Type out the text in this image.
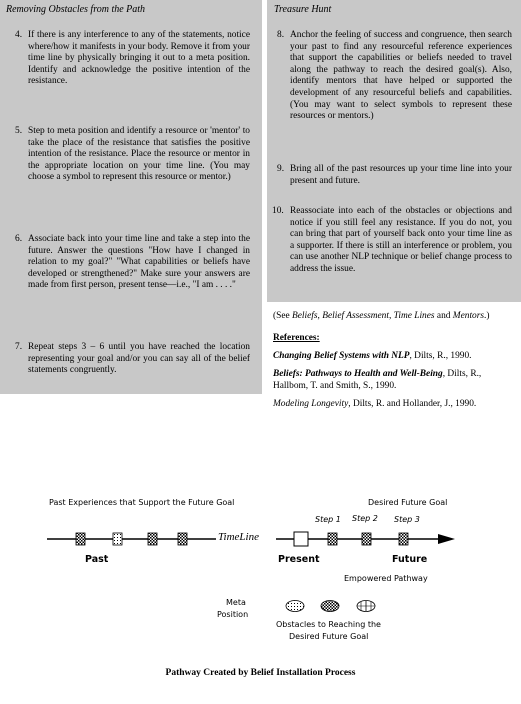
Removing Obstacles from the Path
4. If there is any interference to any of the statements, notice where/how it manifests in your body. Remove it from your time line by physically bringing it out to a meta position. Identify and acknowledge the positive intention of the resistance.
5. Step to meta position and identify a resource or 'mentor' to take the place of the resistance that satisfies the positive intention of the resistance. Place the resource or mentor in the appropriate location on your time line. (You may choose a symbol to represent this resource or mentor.)
6. Associate back into your time line and take a step into the future. Answer the questions "How have I changed in relation to my goal?" "What capabilities or beliefs have developed or strengthened?" Make sure your answers are made from first person, present tense—i.e., "I am . . . ."
7. Repeat steps 3 – 6 until you have reached the location representing your goal and/or you can say all of the belief statements congruently.
Treasure Hunt
8. Anchor the feeling of success and congruence, then search your past to find any resourceful reference experiences that support the capabilities or beliefs needed to travel along the pathway to reach the desired goal(s). Also, identify mentors that have helped or supported the development of any resourceful beliefs and capabilities. (You may want to select symbols to represent these resources or mentors.)
9. Bring all of the past resources up your time line into your present and future.
10. Reassociate into each of the obstacles or objections and notice if you still feel any resistance. If you do not, you can bring that part of yourself back onto your time line as a supporter. If there is still an interference or problem, you can use another NLP technique or belief change process to address the issue.

(See Beliefs, Belief Assessment, Time Lines and Mentors.)

References:

Changing Belief Systems with NLP, Dilts, R., 1990.

Beliefs: Pathways to Health and Well-Being, Dilts, R., Hallbom, T. and Smith, S., 1990.

Modeling Longevity, Dilts, R. and Hollander, J., 1990.

Past Experiences that Support the Future Goal	Desired Future Goal
Step 1 Step 2 Step 3
TimeLine
Past	Present	Future
Empowered Pathway
Meta
Position
Obstacles to Reaching the
Desired Future Goal
Pathway Created by Belief Installation Process
